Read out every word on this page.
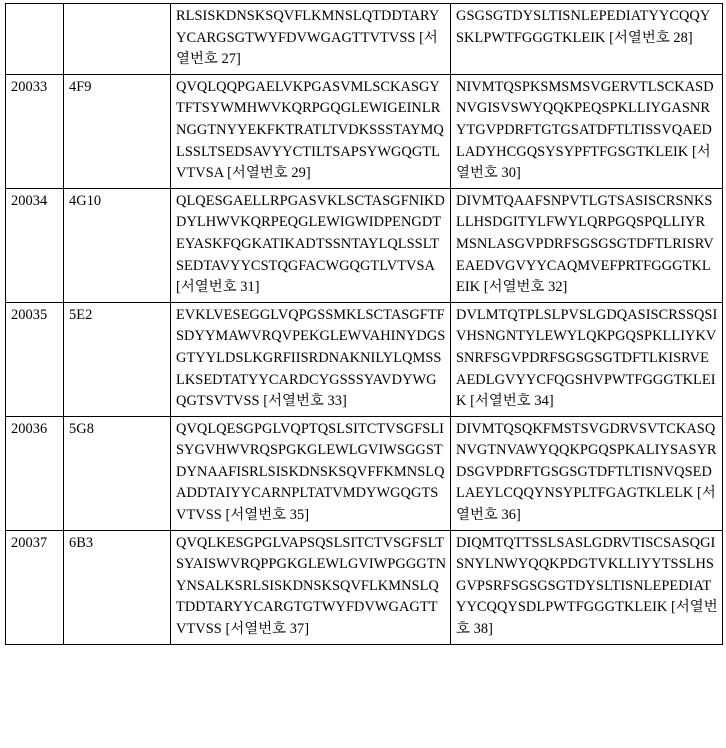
		RLSISKDNSKSQVFLKMNSLQTDDTARYYCARGSGTWYFDVWGAGTTVTVSS [서열번호 27]	GSGSGTDYSLTISNLEPEDIATYYCQQYSKLPWTFGGGTKLEIK [서열번호 28]

20033	4F9	QVQLQQPGAELVKPGASVMLSCKASGYTFTSYWMHWVKQRPGQGLEWIGEINLRNGGTNYYEKFKTRATLTVDKSSSTAYMQLSSLTSEDSAVYYCTILTSAPSYWGQGTLVTVSA [서열번호 29]	NIVMTQSPKSMSMSVGERVTLSCKASDNVGISVSWYQQKPEQSPKLLIYGASNRYTGVPDRFTGTGSATDFTLTISSVQAEDLADYHCGQSYSYPFTFGSGTKLEIK [서열번호 30]

20034	4G10	QLQESGAELLRPGASVKLSCTASGFNIKDDYLHWVKQRPEQGLEWIGWIDPENGDTEYASKFQGKATIKADTSSNTAYLQLSSLTSEDTAVYYCSTQGFACWGQGTLVTVSA [서열번호 31]	DIVMTQAAFSNPVTLGTSASISCRSNKSLLHSDGITYLFWYLQRPGQSPQLLIYRMSNLASGVPDRFSGSGSGTDFTLRISRVEAEDVGVYYCAQMVEFPRTFGGGTKLEIK [서열번호 32]

20035	5E2	EVKLVESEGGLVQPGSSMKLSCTASGFTFSDYYMAWVRQVPEKGLEWVAHINYDGSGTYYLDSLKGRFIISRDNAKNILYLQMSSLKSEDTATYYCARDCYGSSSYAVDYWGQGTSVTVSS [서열번호 33]	DVLMTQTPLSLPVSLGDQASISCRSSQSIVHSNGNTYLEWYLQKPGQSPKLLIYKVSNRFSGVPDRFSGSGSGTDFTLKISRVEAEDLGVYYCFQGSHVPWTFGGGTKLEIK [서열번호 34]

20036	5G8	QVQLQESGPGLVQPTQSLSITCTVSGFSLISYGVHWVRQSPGKGLEWLGVIWSGGSTDYNAAFISRLSISKDNSKSQVFFKMNSLQADDTAIYYCARNPLTATVMDYWGQGTSVTVSS [서열번호 35]	DIVMTQSQKFMSTSVGDRVSVTCKASQNVGTNVAWYQQKPGQSPKALIYSASYRDSGVPDRFTGSGSGTDFTLTISNVQSEDLAEYLCQQYNSYPLTFGAGTKLELK [서열번호 36]

20037	6B3	QVQLKESGPGLVAPSQSLSITCTVSGFSLTSYAISWVRQPPGKGLEWLGVIWPGGGTNYNSALKSRLSISKDNSKSQVFLKMNSLQTDDTARYYCARGTGTWYFDVWGAGTTVTVSS [서열번호 37]	DIQMTQTTSSLSASLGDRVTISCSASQGISNYLNWYQQKPDGTVKLLIYYTSSLHSGVPSRFSGSGSGTDYSLTISNLEPEDIATYYCQQYSDLPWTFGGGTKLEIK [서열번호 38]
